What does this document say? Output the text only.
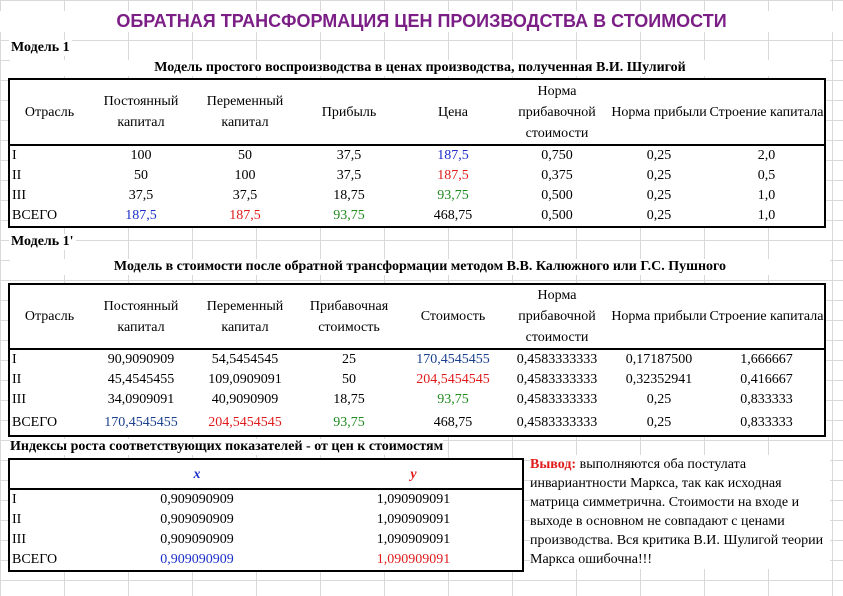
ОБРАТНАЯ ТРАНСФОРМАЦИЯ ЦЕН ПРОИЗВОДСТВА В СТОИМОСТИ
Модель 1
Модель простого воспроизводства в ценах производства, полученная В.И. Шулигой
Отрасль	Постоянный капитал	Переменный капитал	Прибыль	Цена	Норма прибавочной стоимости	Норма прибыли	Строение капитала
I	100	50	37,5	187,5	0,750	0,25	2,0
II	50	100	37,5	187,5	0,375	0,25	0,5
III	37,5	37,5	18,75	93,75	0,500	0,25	1,0
ВСЕГО	187,5	187,5	93,75	468,75	0,500	0,25	1,0
Модель 1'
Модель в стоимости после обратной трансформации методом В.В. Калюжного или Г.С. Пушного
Отрасль	Постоянный капитал	Переменный капитал	Прибавочная стоимость	Стоимость	Норма прибавочной стоимости	Норма прибыли	Строение капитала
I	90,9090909	54,5454545	25	170,4545455	0,4583333333	0,17187500	1,666667
II	45,4545455	109,0909091	50	204,5454545	0,4583333333	0,32352941	0,416667
III	34,0909091	40,9090909	18,75	93,75	0,4583333333	0,25	0,833333
ВСЕГО	170,4545455	204,5454545	93,75	468,75	0,4583333333	0,25	0,833333
Индексы роста соответствующих показателей - от цен к стоимостям
	x	y
I	0,909090909	1,090909091
II	0,909090909	1,090909091
III	0,909090909	1,090909091
ВСЕГО	0,909090909	1,090909091
Вывод: выполняются оба постулата инвариантности Маркса, так как исходная матрица симметрична. Стоимости на входе и выходе в основном не совпадают с ценами производства. Вся критика В.И. Шулигой теории Маркса ошибочна!!!
